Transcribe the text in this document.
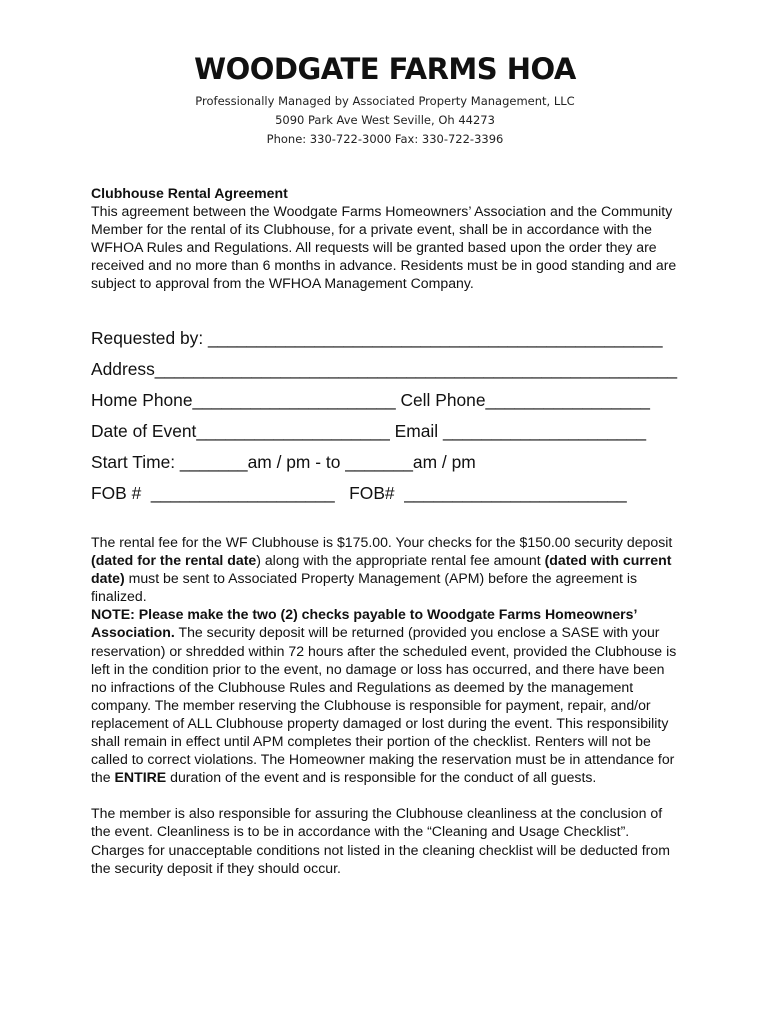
WOODGATE FARMS HOA
Professionally Managed by Associated Property Management, LLC
5090 Park Ave West Seville, Oh 44273
Phone: 330-722-3000 Fax: 330-722-3396
Clubhouse Rental Agreement
This agreement between the Woodgate Farms Homeowners’ Association and the Community Member for the rental of its Clubhouse, for a private event, shall be in accordance with the WFHOA Rules and Regulations. All requests will be granted based upon the order they are received and no more than 6 months in advance. Residents must be in good standing and are subject to approval from the WFHOA Management Company.
Requested by: _______________________________________________
Address______________________________________________________
Home Phone_____________________ Cell Phone_________________
Date of Event____________________ Email _____________________
Start Time: _______am / pm - to _______am / pm
FOB #  ___________________   FOB#  _______________________
The rental fee for the WF Clubhouse is $175.00. Your checks for the $150.00 security deposit (dated for the rental date) along with the appropriate rental fee amount (dated with current date) must be sent to Associated Property Management (APM) before the agreement is finalized.
NOTE: Please make the two (2) checks payable to Woodgate Farms Homeowners’ Association. The security deposit will be returned (provided you enclose a SASE with your reservation) or shredded within 72 hours after the scheduled event, provided the Clubhouse is left in the condition prior to the event, no damage or loss has occurred, and there have been no infractions of the Clubhouse Rules and Regulations as deemed by the management company. The member reserving the Clubhouse is responsible for payment, repair, and/or replacement of ALL Clubhouse property damaged or lost during the event. This responsibility shall remain in effect until APM completes their portion of the checklist. Renters will not be called to correct violations. The Homeowner making the reservation must be in attendance for the ENTIRE duration of the event and is responsible for the conduct of all guests.
The member is also responsible for assuring the Clubhouse cleanliness at the conclusion of the event. Cleanliness is to be in accordance with the “Cleaning and Usage Checklist”. Charges for unacceptable conditions not listed in the cleaning checklist will be deducted from the security deposit if they should occur.
